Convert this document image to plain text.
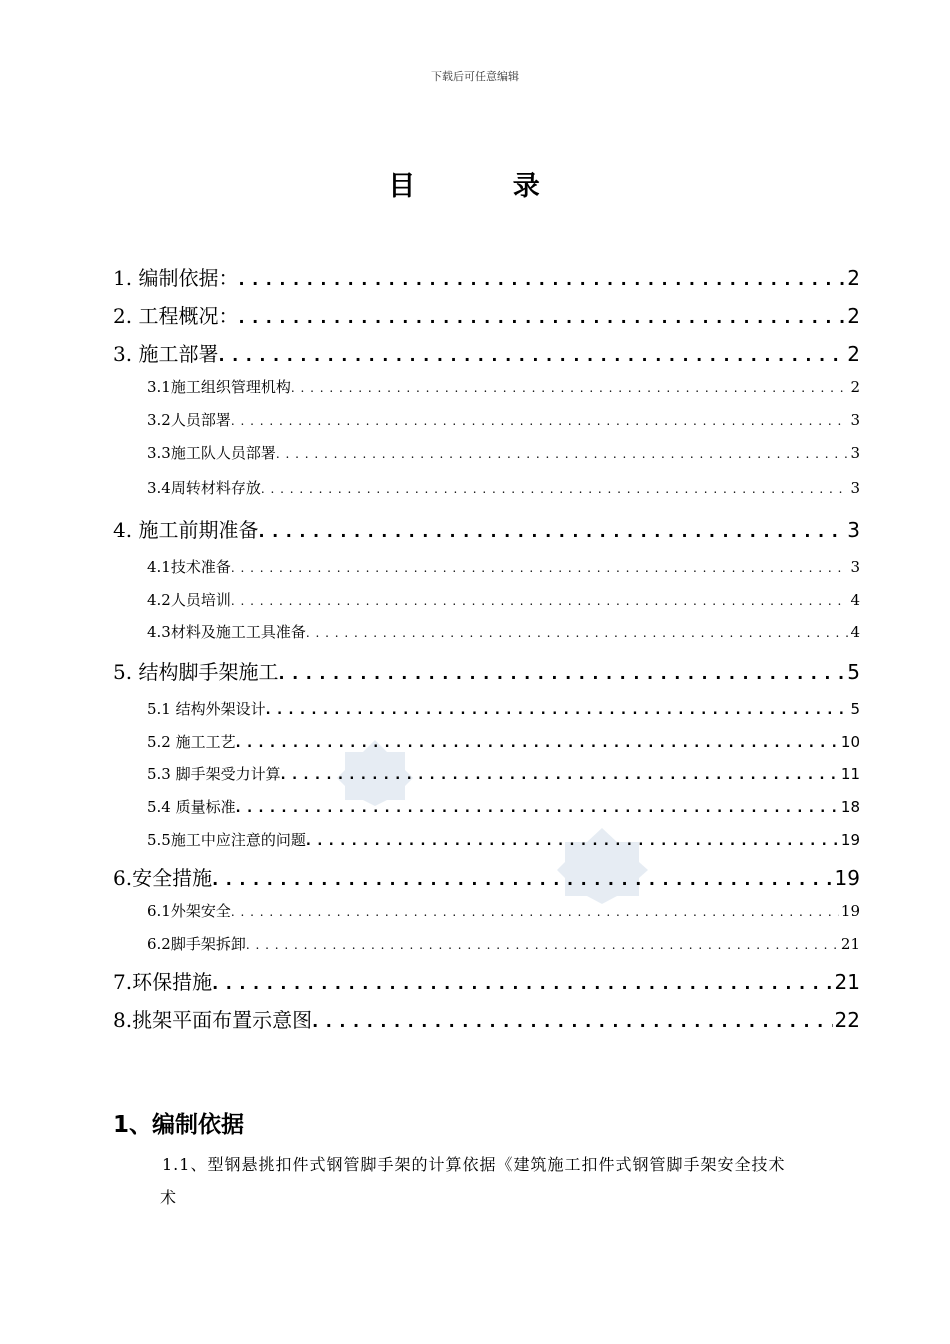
下载后可任意编辑
目 录
1. 编制依据： . . .	2
2. 工程概况： . . .	2
3. 施工部署 . . .	2
3.1施工组织管理机构 . . .	2
3.2人员部署 . . .	3
3.3施工队人员部署 . . .	3
3.4周转材料存放 . . .	3
4. 施工前期准备 . . .	3
4.1技术准备 . . .	3
4.2人员培训 . . .	4
4.3材料及施工工具准备 . . .	4
5. 结构脚手架施工 . . .	5
5.1 结构外架设计 . . .	5
5.2 施工工艺 . . .	10
5.3 脚手架受力计算 . . .	11
5.4 质量标准 . . .	18
5.5施工中应注意的问题 . . .	19
6.安全措施 . . .	19
6.1外架安全 . . .	19
6.2脚手架拆卸 . . .	21
7.环保措施 . . .	21
8.挑架平面布置示意图 . . .	22
1、编制依据
1.1、型钢悬挑扣件式钢管脚手架的计算依据《建筑施工扣件式钢管脚手架安全技术
术
